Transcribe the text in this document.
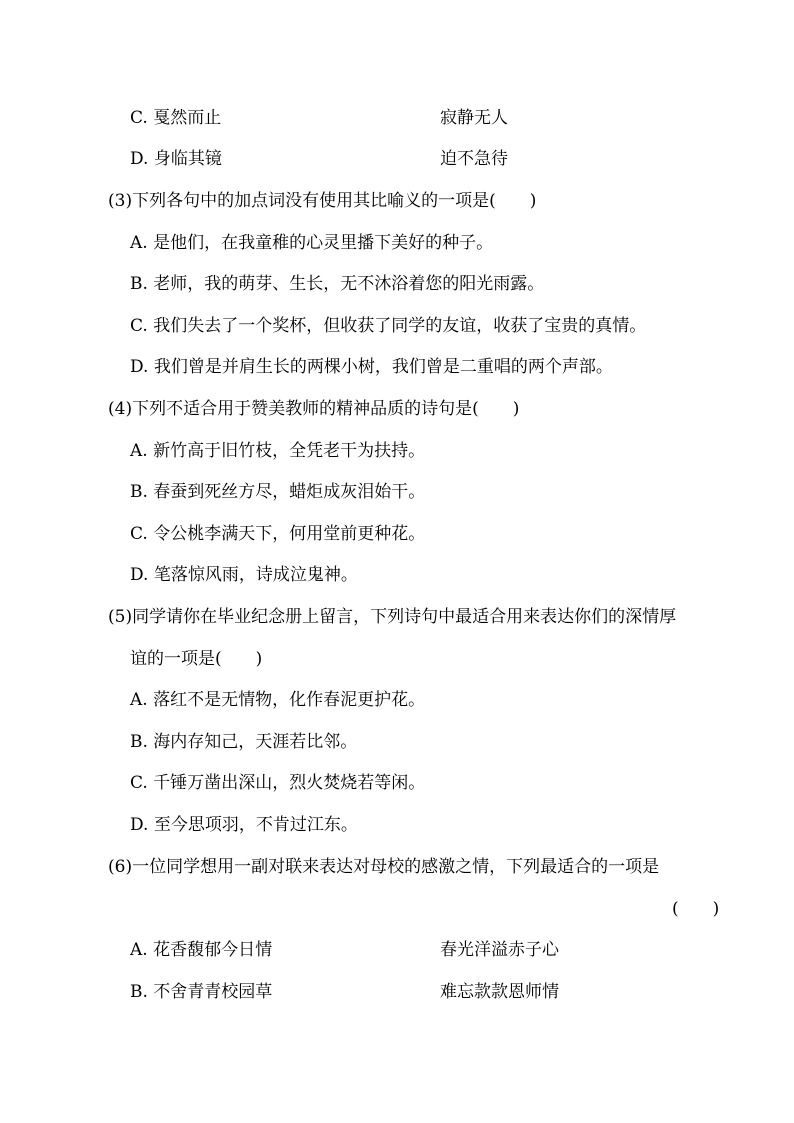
C. 戛然而止	寂静无人
D. 身临其镜	迫不急待
(3)下列各句中的加点词没有使用其比喻义的一项是(　　)
A. 是他们，在我童稚的心灵里播下美好的种子。
B. 老师，我的萌芽、生长，无不沐浴着您的阳光雨露。
C. 我们失去了一个奖杯，但收获了同学的友谊，收获了宝贵的真情。
D. 我们曾是并肩生长的两棵小树，我们曾是二重唱的两个声部。
(4)下列不适合用于赞美教师的精神品质的诗句是(　　)
A. 新竹高于旧竹枝，全凭老干为扶持。
B. 春蚕到死丝方尽，蜡炬成灰泪始干。
C. 令公桃李满天下，何用堂前更种花。
D. 笔落惊风雨，诗成泣鬼神。
(5)同学请你在毕业纪念册上留言，下列诗句中最适合用来表达你们的深情厚
谊的一项是(　　)
A. 落红不是无情物，化作春泥更护花。
B. 海内存知己，天涯若比邻。
C. 千锤万凿出深山，烈火焚烧若等闲。
D. 至今思项羽，不肯过江东。
(6)一位同学想用一副对联来表达对母校的感激之情，下列最适合的一项是
(　　)
A. 花香馥郁今日情	春光洋溢赤子心
B. 不舍青青校园草	难忘款款恩师情
